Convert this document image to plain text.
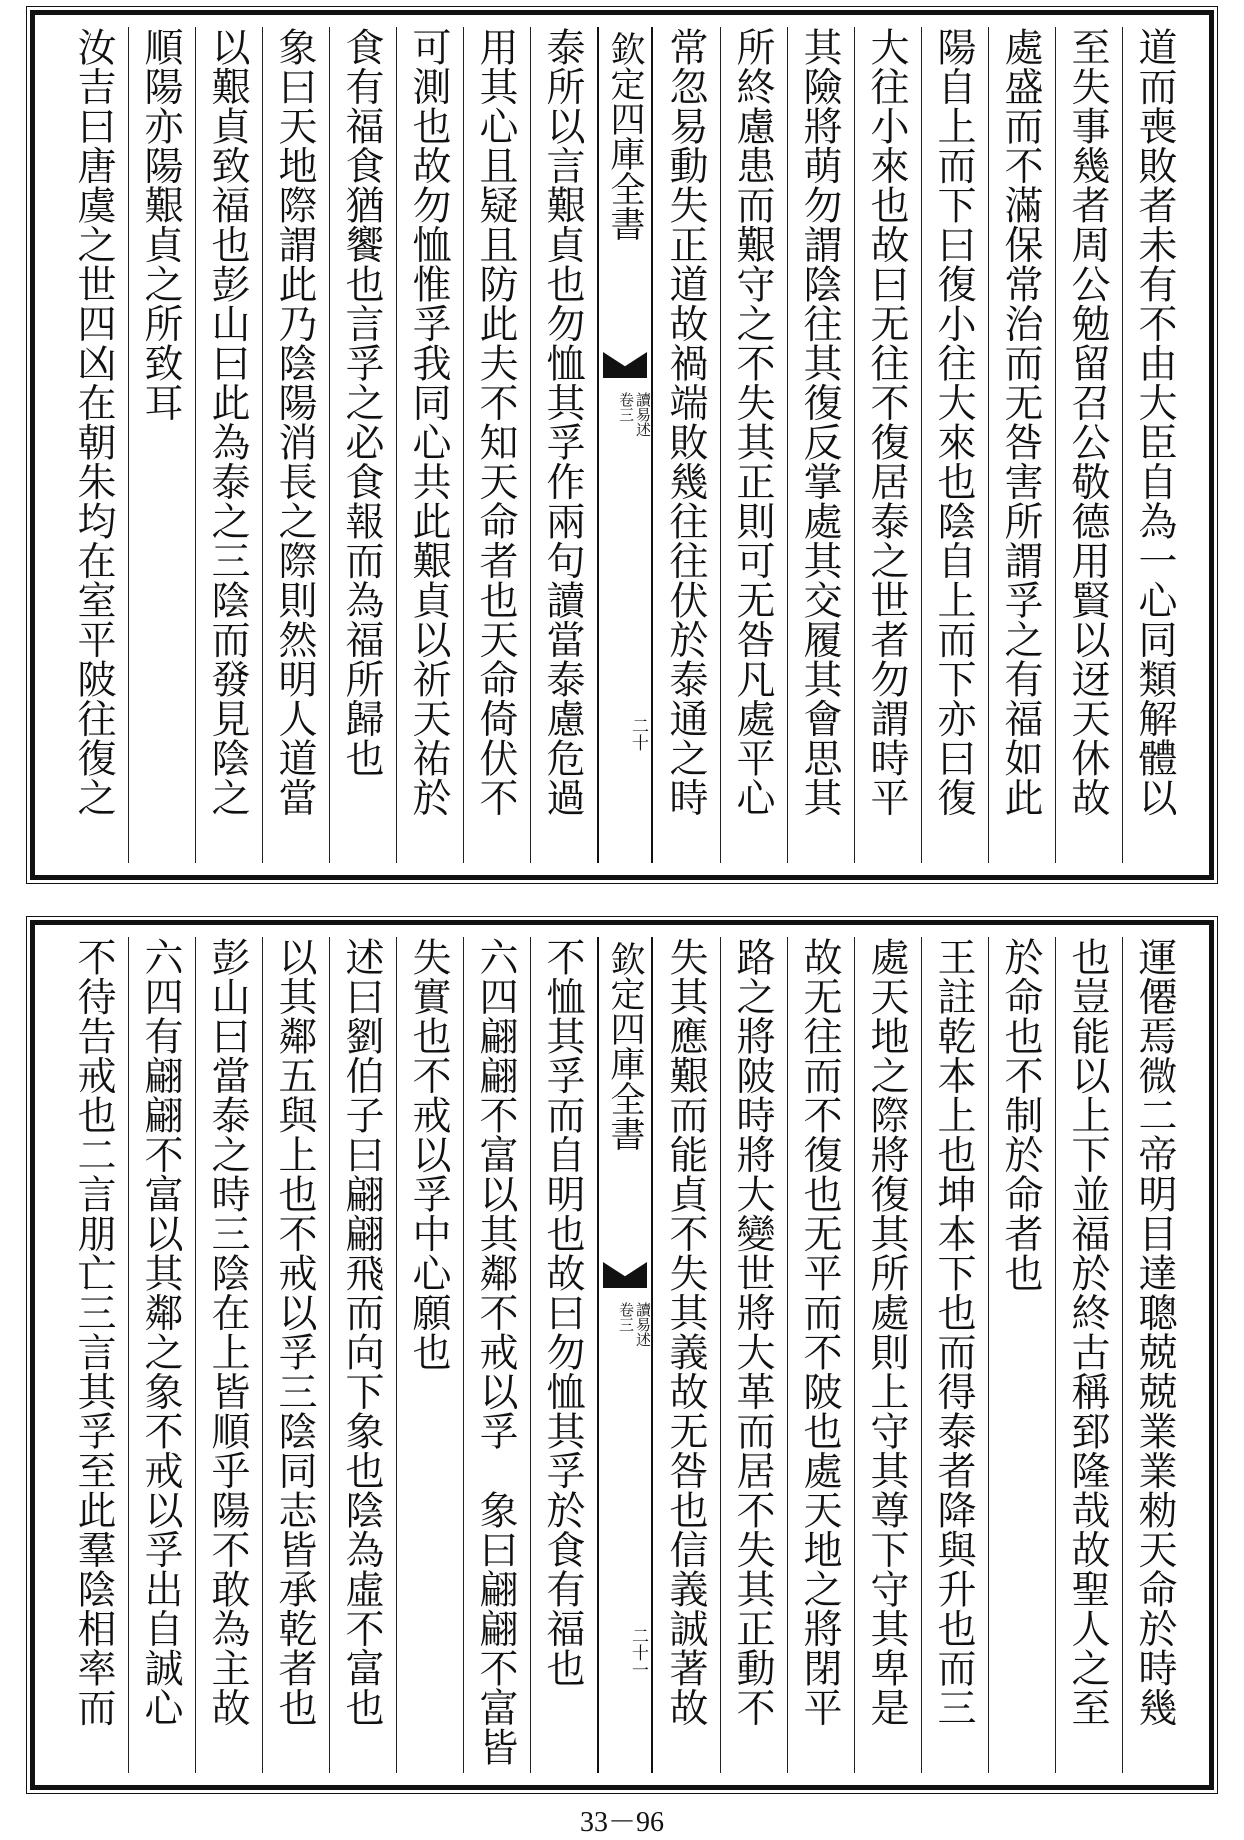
道而喪敗者未有不由大臣自為一心同類解體以
至失事幾者周公勉留召公敬德用賢以迓天休故
處盛而不滿保常治而无咎害所謂孚之有福如此
陽自上而下曰復小往大來也陰自上而下亦曰復
大往小來也故曰无往不復居泰之世者勿謂時平
其險將萌勿謂陰往其復反掌處其交履其會思其
所終慮患而艱守之不失其正則可无咎凡處平心
常忽易動失正道故禍端敗幾往往伏於泰通之時
欽定四庫全書
讀易述
卷三
二十
泰所以言艱貞也勿恤其孚作兩句讀當泰慮危過
用其心且疑且防此夫不知天命者也天命倚伏不
可測也故勿恤惟孚我同心共此艱貞以祈天祐於
食有福食猶饗也言孚之必食報而為福所歸也
象曰天地際謂此乃陰陽消長之際則然明人道當
以艱貞致福也彭山曰此為泰之三陰而發見陰之
順陽亦陽艱貞之所致耳
汝吉曰唐虞之世四凶在朝朱均在室平陂往復之
運僊焉微二帝明目達聰兢兢業業勑天命於時幾
也豈能以上下並福於終古稱郅隆哉故聖人之至
於命也不制於命者也
王註乾本上也坤本下也而得泰者降與升也而三
處天地之際將復其所處則上守其尊下守其卑是
故无往而不復也无平而不陂也處天地之將閉平
路之將陂時將大變世將大革而居不失其正動不
失其應艱而能貞不失其義故无咎也信義誠著故
欽定四庫全書
讀易述
卷三
二十一
不恤其孚而自明也故曰勿恤其孚於食有福也
六四翩翩不富以其鄰不戒以孚　象曰翩翩不富皆
失實也不戒以孚中心願也
述曰劉伯子曰翩翩飛而向下象也陰為虛不富也
以其鄰五與上也不戒以孚三陰同志皆承乾者也
彭山曰當泰之時三陰在上皆順乎陽不敢為主故
六四有翩翩不富以其鄰之象不戒以孚出自誠心
不待告戒也二言朋亡三言其孚至此羣陰相率而
33－96
